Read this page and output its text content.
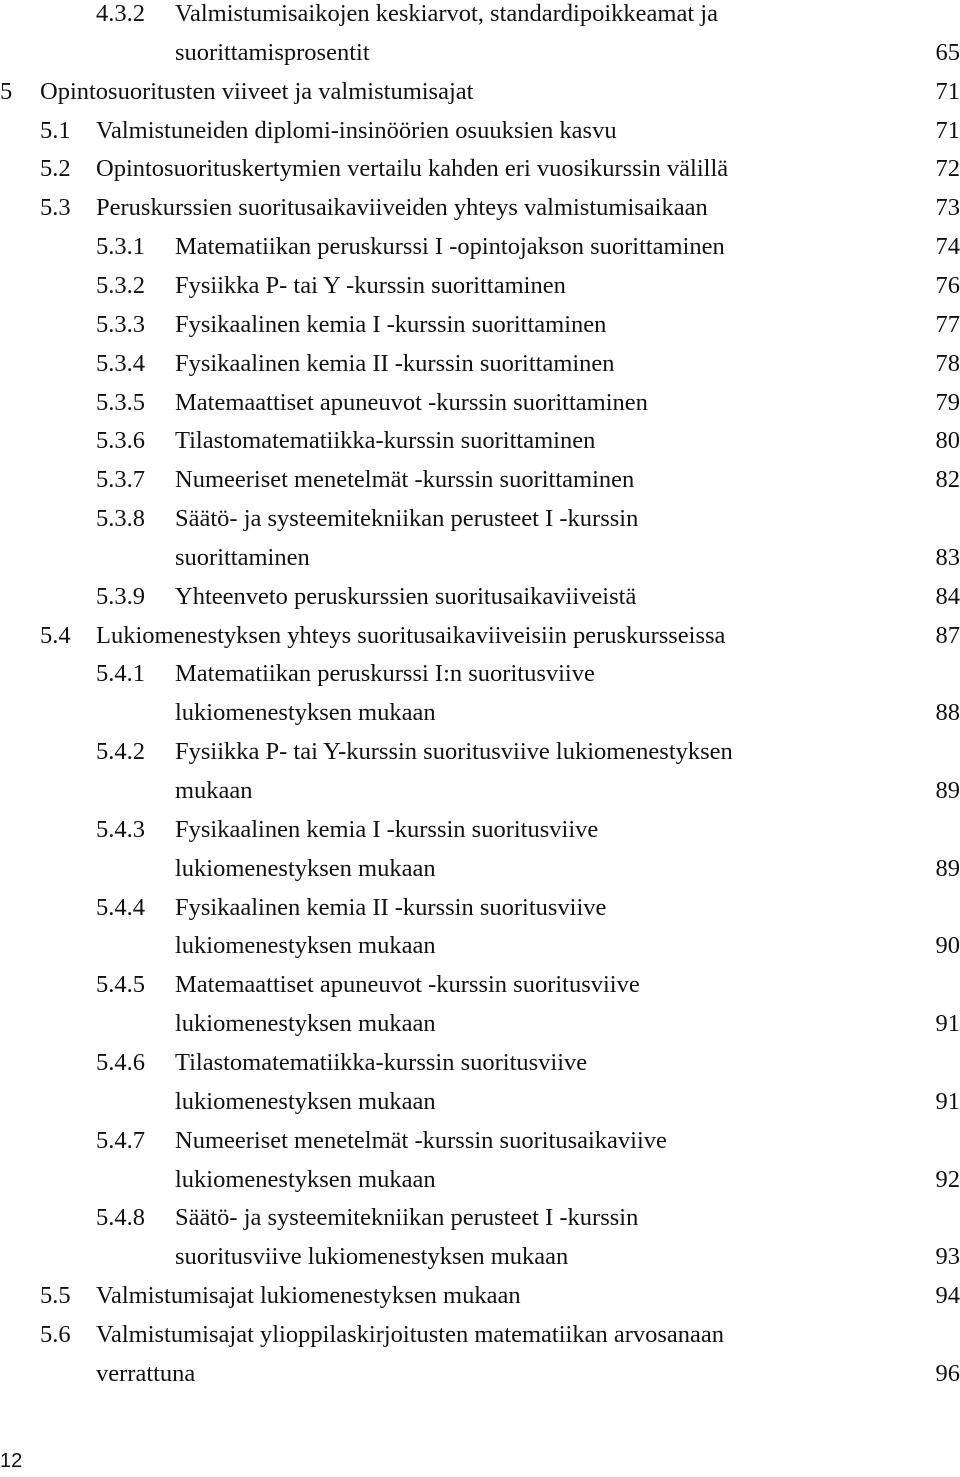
4.3.2 Valmistumisaikojen keskiarvot, standardipoikkeamat ja
suorittamisprosentit	65
5 Opintosuoritusten viiveet ja valmistumisajat	71
5.1 Valmistuneiden diplomi-insinöörien osuuksien kasvu	71
5.2 Opintosuorituskertymien vertailu kahden eri vuosikurssin välillä	72
5.3 Peruskurssien suoritusaikaviiveiden yhteys valmistumisaikaan	73
5.3.1 Matematiikan peruskurssi I -opintojakson suorittaminen	74
5.3.2 Fysiikka P- tai Y -kurssin suorittaminen	76
5.3.3 Fysikaalinen kemia I -kurssin suorittaminen	77
5.3.4 Fysikaalinen kemia II -kurssin suorittaminen	78
5.3.5 Matemaattiset apuneuvot -kurssin suorittaminen	79
5.3.6 Tilastomatematiikka-kurssin suorittaminen	80
5.3.7 Numeeriset menetelmät -kurssin suorittaminen	82
5.3.8 Säätö- ja systeemitekniikan perusteet I -kurssin
suorittaminen	83
5.3.9 Yhteenveto peruskurssien suoritusaikaviiveistä	84
5.4 Lukiomenestyksen yhteys suoritusaikaviiveisiin peruskursseissa	87
5.4.1 Matematiikan peruskurssi I:n suoritusviive
lukiomenestyksen mukaan	88
5.4.2 Fysiikka P- tai Y-kurssin suoritusviive lukiomenestyksen
mukaan	89
5.4.3 Fysikaalinen kemia I -kurssin suoritusviive
lukiomenestyksen mukaan	89
5.4.4 Fysikaalinen kemia II -kurssin suoritusviive
lukiomenestyksen mukaan	90
5.4.5 Matemaattiset apuneuvot -kurssin suoritusviive
lukiomenestyksen mukaan	91
5.4.6 Tilastomatematiikka-kurssin suoritusviive
lukiomenestyksen mukaan	91
5.4.7 Numeeriset menetelmät -kurssin suoritusaikaviive
lukiomenestyksen mukaan	92
5.4.8 Säätö- ja systeemitekniikan perusteet I -kurssin
suoritusviive lukiomenestyksen mukaan	93
5.5 Valmistumisajat lukiomenestyksen mukaan	94
5.6 Valmistumisajat ylioppilaskirjoitusten matematiikan arvosanaan
verrattuna	96
12
